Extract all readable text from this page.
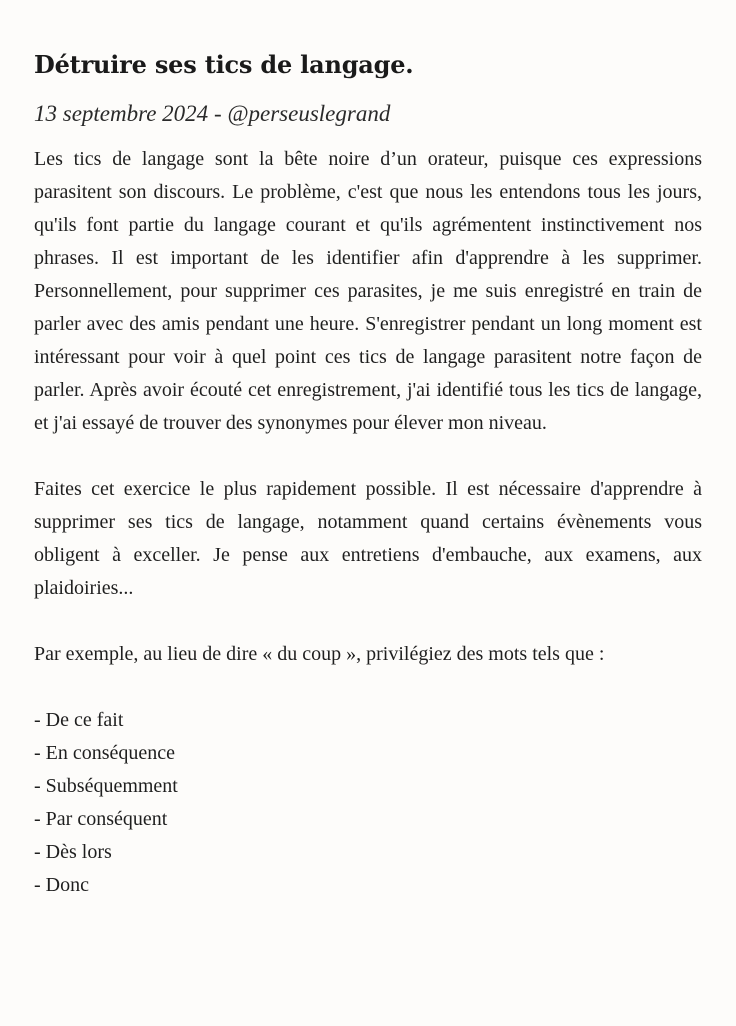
Détruire ses tics de langage.

13 septembre 2024 - @perseuslegrand

Les tics de langage sont la bête noire d’un orateur, puisque ces expressions parasitent son discours. Le problème, c'est que nous les entendons tous les jours, qu'ils font partie du langage courant et qu'ils agrémentent instinctivement nos phrases. Il est important de les identifier afin d'apprendre à les supprimer. Personnellement, pour supprimer ces parasites, je me suis enregistré en train de parler avec des amis pendant une heure. S'enregistrer pendant un long moment est intéressant pour voir à quel point ces tics de langage parasitent notre façon de parler. Après avoir écouté cet enregistrement, j'ai identifié tous les tics de langage, et j'ai essayé de trouver des synonymes pour élever mon niveau.

Faites cet exercice le plus rapidement possible. Il est nécessaire d'apprendre à supprimer ses tics de langage, notamment quand certains évènements vous obligent à exceller. Je pense aux entretiens d'embauche, aux examens, aux plaidoiries...

Par exemple, au lieu de dire « du coup », privilégiez des mots tels que :

- De ce fait
- En conséquence
- Subséquemment
- Par conséquent
- Dès lors
- Donc
